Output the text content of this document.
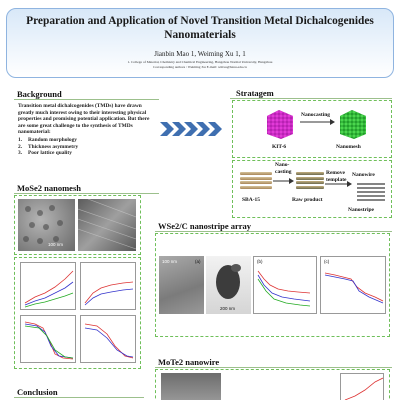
Preparation and Application of Novel Transition Metal Dichalcogenides Nanomaterials
Jianbin Mao 1, Weiming Xu 1, 1
1. College of Material, Chemistry and Chemical Engineering, Hangzhou Normal University, Hangzhou
Corresponding authors : Weiming Xu E-mail: wmxu@hznu.edu.cn
Background
Transition metal dichalcogenides (TMDs) have drawn greatly much interest owing to their interesting physical properties and promising potential application. But there are some great challenge to the synthesis of TMDs nanomaterial:
1. Random morphology
2. Thickness asymmetry
3. Poor lattice quality
Stratagem
KIT-6
Nanocasting
Nanomesh
SBA-15
Nano-casting
Raw product
Remove template
Nanowire
Nanostripe
MoSe2 nanomesh
100 nm
WSe2/C nanostripe array
100 nm	(a)
200 nm
(b)	(c)
MoTe2 nanowire
Conclusion
